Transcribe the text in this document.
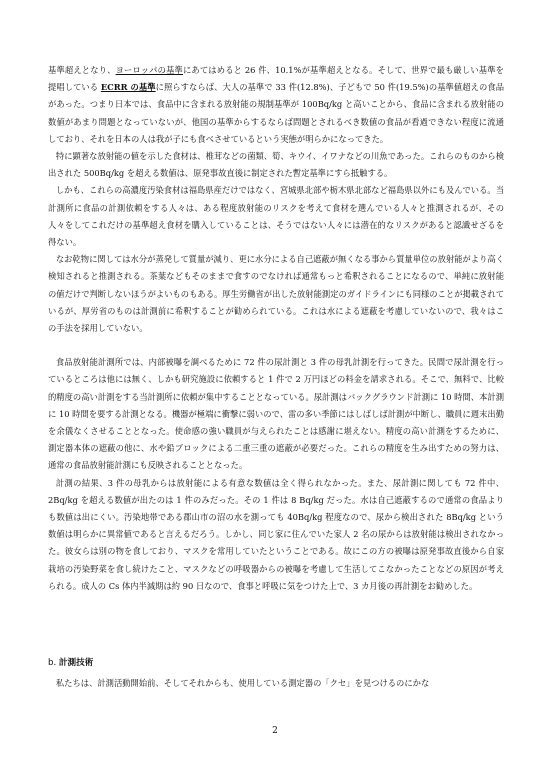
基準超えとなり、ヨーロッパの基準にあてはめると 26 件、10.1%が基準超えとなる。そして、世界で最も厳しい基準を提唱している ECRR の基準に照らすならば、大人の基準で 33 件(12.8%)、子どもで 50 件(19.5%)の基準値超えの食品があった。つまり日本では、食品中に含まれる放射能の規制基準が 100Bq/kg と高いことから、食品に含まれる放射能の数値があまり問題となっていないが、他国の基準からするならば問題とされるべき数値の食品が看過できない程度に流通しており、それを日本の人は我が子にも食べさせているという実態が明らかになってきた。

特に顕著な放射能の値を示した食材は、椎茸などの菌類、筍、キウイ、イワナなどの川魚であった。これらのものから検出された 500Bq/kg を超える数値は、原発事故直後に制定された暫定基準にすら抵触する。

しかも、これらの高濃度汚染食材は福島県産だけではなく、宮城県北部や栃木県北部など福島県以外にも及んでいる。当計測所に食品の計測依頼をする人々は、ある程度放射能のリスクを考えて食材を選んでいる人々と推測されるが、その人々をしてこれだけの基準超え食材を購入していることは、そうではない人々には潜在的なリスクがあると認識せざるを得ない。

なお乾物に関しては水分が蒸発して質量が減り、更に水分による自己遮蔽が無くなる事から質量単位の放射能がより高く検知されると推測される。茶葉などもそのままで食すのでなければ通常もっと希釈されることになるので、単純に放射能の値だけで判断しないほうがよいものもある。厚生労働省が出した放射能測定のガイドラインにも同様のことが掲載されているが、厚労省のものは計測前に希釈することが勧められている。これは水による遮蔽を考慮していないので、我々はこの手法を採用していない。

食品放射能計測所では、内部被曝を調べるために 72 件の尿計測と 3 件の母乳計測を行ってきた。民間で尿計測を行っているところは他には無く、しかも研究施設に依頼すると 1 件で 2 万円ほどの料金を請求される。そこで、無料で、比較的精度の高い計測をする当計測所に依頼が集中することとなっている。尿計測はバックグラウンド計測に 10 時間、本計測に 10 時間を要する計測となる。機器が極端に衝撃に弱いので、雷の多い季節にはしばしば計測が中断し、職員に週末出勤を余儀なくさせることとなった。使命感の強い職員が与えられたことは感謝に堪えない。精度の高い計測をするために、測定器本体の遮蔽の他に、水や鉛ブロックによる二重三重の遮蔽が必要だった。これらの精度を生み出すための努力は、通常の食品放射能計測にも反映されることとなった。

計測の結果、3 件の母乳からは放射能による有意な数値は全く得られなかった。また、尿計測に関しても 72 件中、2Bq/kg を超える数値が出たのは 1 件のみだった。その 1 件は 8 Bq/kg だった。水は自己遮蔽するので通常の食品よりも数値は出にくい。汚染地帯である郡山市の沼の水を測っても 40Bq/kg 程度なので、尿から検出された 8Bq/kg という数値は明らかに異常値であると言えるだろう。しかし、同じ家に住んでいた家人 2 名の尿からは放射能は検出されなかった。彼女らは別の物を食しており、マスクを常用していたということである。故にこの方の被曝は原発事故直後から自家栽培の汚染野菜を食し続けたこと、マスクなどの呼吸器からの被曝を考慮して生活してこなかったことなどの原因が考えられる。成人の Cs 体内半減期は約 90 日なので、食事と呼吸に気をつけた上で、3 カ月後の再計測をお勧めした。

b. 計測技術

私たちは、計測活動開始前、そしてそれからも、使用している測定器の「クセ」を見つけるのにかな

2
